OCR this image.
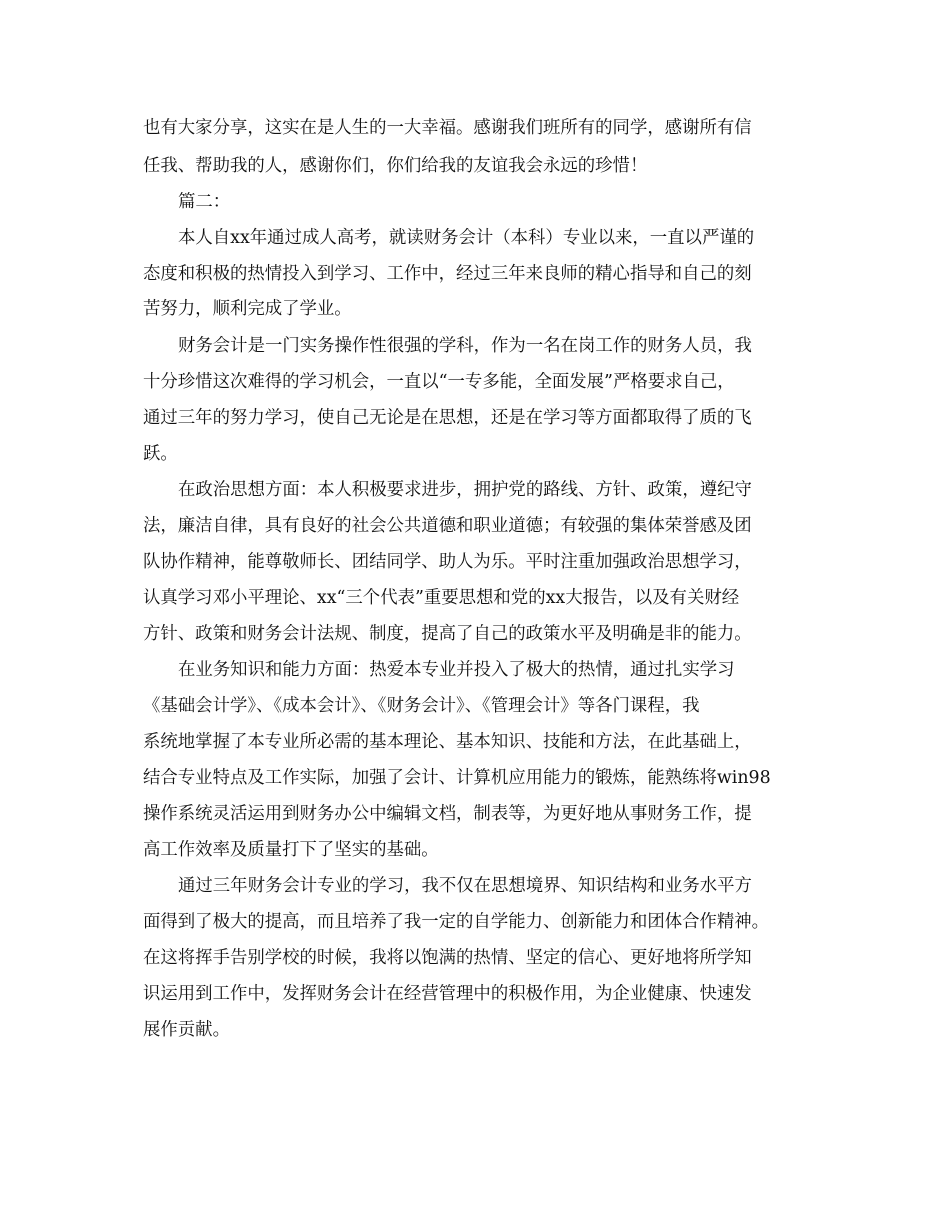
也有大家分享，这实在是人生的一大幸福。感谢我们班所有的同学，感谢所有信
任我、帮助我的人，感谢你们，你们给我的友谊我会永远的珍惜！
篇二：
本人自xx年通过成人高考，就读财务会计（本科）专业以来，一直以严谨的
态度和积极的热情投入到学习、工作中，经过三年来良师的精心指导和自己的刻
苦努力，顺利完成了学业。
财务会计是一门实务操作性很强的学科，作为一名在岗工作的财务人员，我
十分珍惜这次难得的学习机会，一直以“一专多能，全面发展”严格要求自己，
通过三年的努力学习，使自己无论是在思想，还是在学习等方面都取得了质的飞
跃。
在政治思想方面：本人积极要求进步，拥护党的路线、方针、政策，遵纪守
法，廉洁自律，具有良好的社会公共道德和职业道德；有较强的集体荣誉感及团
队协作精神，能尊敬师长、团结同学、助人为乐。平时注重加强政治思想学习，
认真学习邓小平理论、xx“三个代表”重要思想和党的xx大报告，以及有关财经
方针、政策和财务会计法规、制度，提高了自己的政策水平及明确是非的能力。
在业务知识和能力方面：热爱本专业并投入了极大的热情，通过扎实学习
《基础会计学》、《成本会计》、《财务会计》、《管理会计》等各门课程，我
系统地掌握了本专业所必需的基本理论、基本知识、技能和方法，在此基础上，
结合专业特点及工作实际，加强了会计、计算机应用能力的锻炼，能熟练将win98
操作系统灵活运用到财务办公中编辑文档，制表等，为更好地从事财务工作，提
高工作效率及质量打下了坚实的基础。
通过三年财务会计专业的学习，我不仅在思想境界、知识结构和业务水平方
面得到了极大的提高，而且培养了我一定的自学能力、创新能力和团体合作精神。
在这将挥手告别学校的时候，我将以饱满的热情、坚定的信心、更好地将所学知
识运用到工作中，发挥财务会计在经营管理中的积极作用，为企业健康、快速发
展作贡献。
